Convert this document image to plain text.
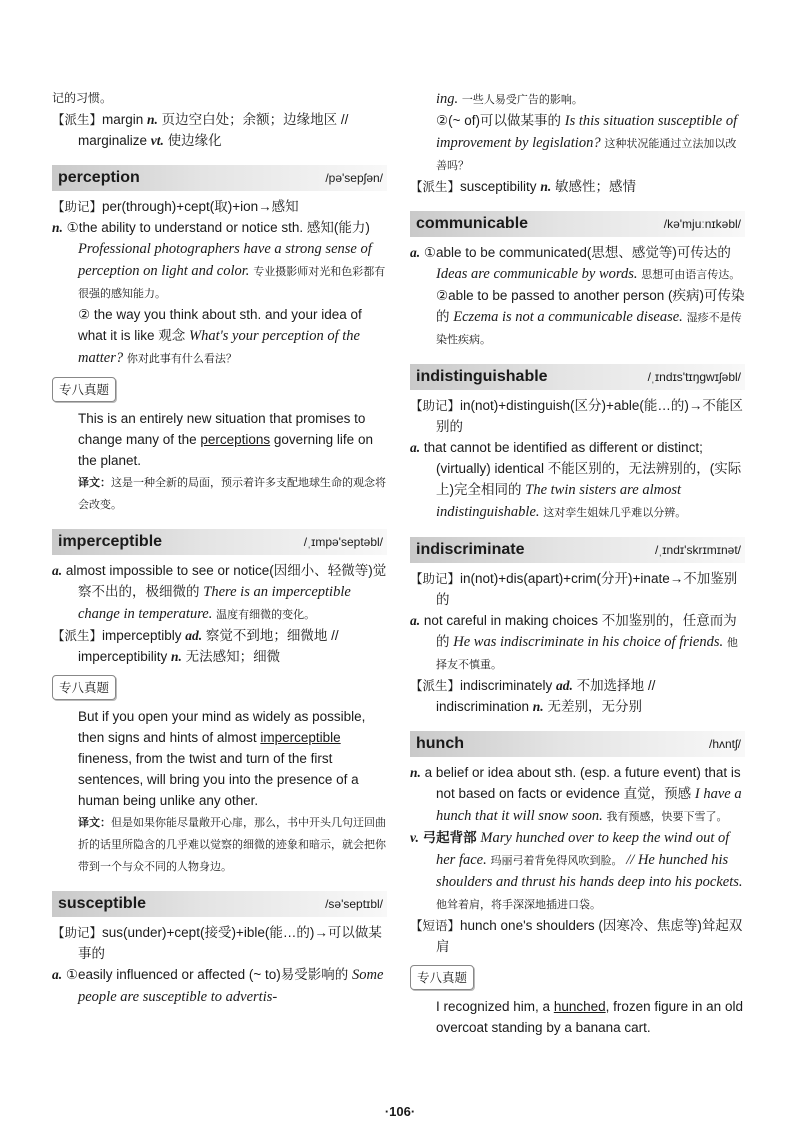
记的习惯。

【派生】margin n. 页边空白处；余额；边缘地区 // marginalize vt. 使边缘化

perception	/pə'sepʃən/

【助记】per(through)+cept(取)+ion→感知

n. ①the ability to understand or notice sth. 感知(能力) Professional photographers have a strong sense of perception on light and color. 专业摄影师对光和色彩都有很强的感知能力。

② the way you think about sth. and your idea of what it is like 观念 What's your perception of the matter? 你对此事有什么看法？

专八真题

This is an entirely new situation that promises to change many of the perceptions governing life on the planet.

译文：这是一种全新的局面，预示着许多支配地球生命的观念将会改变。

imperceptible	/ˌɪmpə'septəbl/

a. almost impossible to see or notice(因细小、轻微等)觉察不出的，极细微的 There is an imperceptible change in temperature. 温度有细微的变化。

【派生】imperceptibly ad. 察觉不到地；细微地 // imperceptibility n. 无法感知；细微

专八真题

But if you open your mind as widely as possible, then signs and hints of almost imperceptible fineness, from the twist and turn of the first sentences, will bring you into the presence of a human being unlike any other.

译文：但是如果你能尽量敞开心扉，那么，书中开头几句迂回曲折的话里所隐含的几乎难以觉察的细微的迹象和暗示，就会把你带到一个与众不同的人物身边。

susceptible	/sə'septɪbl/

【助记】sus(under)+cept(接受)+ible(能…的)→可以做某事的

a. ①easily influenced or affected (~ to)易受影响的 Some people are susceptible to advertis-

ing. 一些人易受广告的影响。

②(~ of)可以做某事的 Is this situation susceptible of improvement by legislation? 这种状况能通过立法加以改善吗？

【派生】susceptibility n. 敏感性；感情

communicable	/kə'mjuːnɪkəbl/

a. ①able to be communicated(思想、感觉等)可传达的 Ideas are communicable by words. 思想可由语言传达。

②able to be passed to another person (疾病)可传染的 Eczema is not a communicable disease. 湿疹不是传染性疾病。

indistinguishable	/ˌɪndɪs'tɪŋgwɪʃəbl/

【助记】in(not)+distinguish(区分)+able(能…的)→不能区别的

a. that cannot be identified as different or distinct; (virtually) identical 不能区别的，无法辨别的，(实际上)完全相同的 The twin sisters are almost indistinguishable. 这对孪生姐妹几乎难以分辨。

indiscriminate	/ˌɪndɪ'skrɪmɪnət/

【助记】in(not)+dis(apart)+crim(分开)+inate→不加鉴别的

a. not careful in making choices 不加鉴别的，任意而为的 He was indiscriminate in his choice of friends. 他择友不慎重。

【派生】indiscriminately ad. 不加选择地 // indiscrimination n. 无差别，无分别

hunch	/hʌntʃ/

n. a belief or idea about sth. (esp. a future event) that is not based on facts or evidence 直觉，预感 I have a hunch that it will snow soon. 我有预感，快要下雪了。

v. 弓起背部 Mary hunched over to keep the wind out of her face. 玛丽弓着背免得风吹到脸。 // He hunched his shoulders and thrust his hands deep into his pockets. 他耸着肩，将手深深地插进口袋。

【短语】hunch one's shoulders (因寒冷、焦虑等)耸起双肩

专八真题

I recognized him, a hunched, frozen figure in an old overcoat standing by a banana cart.

·106·
